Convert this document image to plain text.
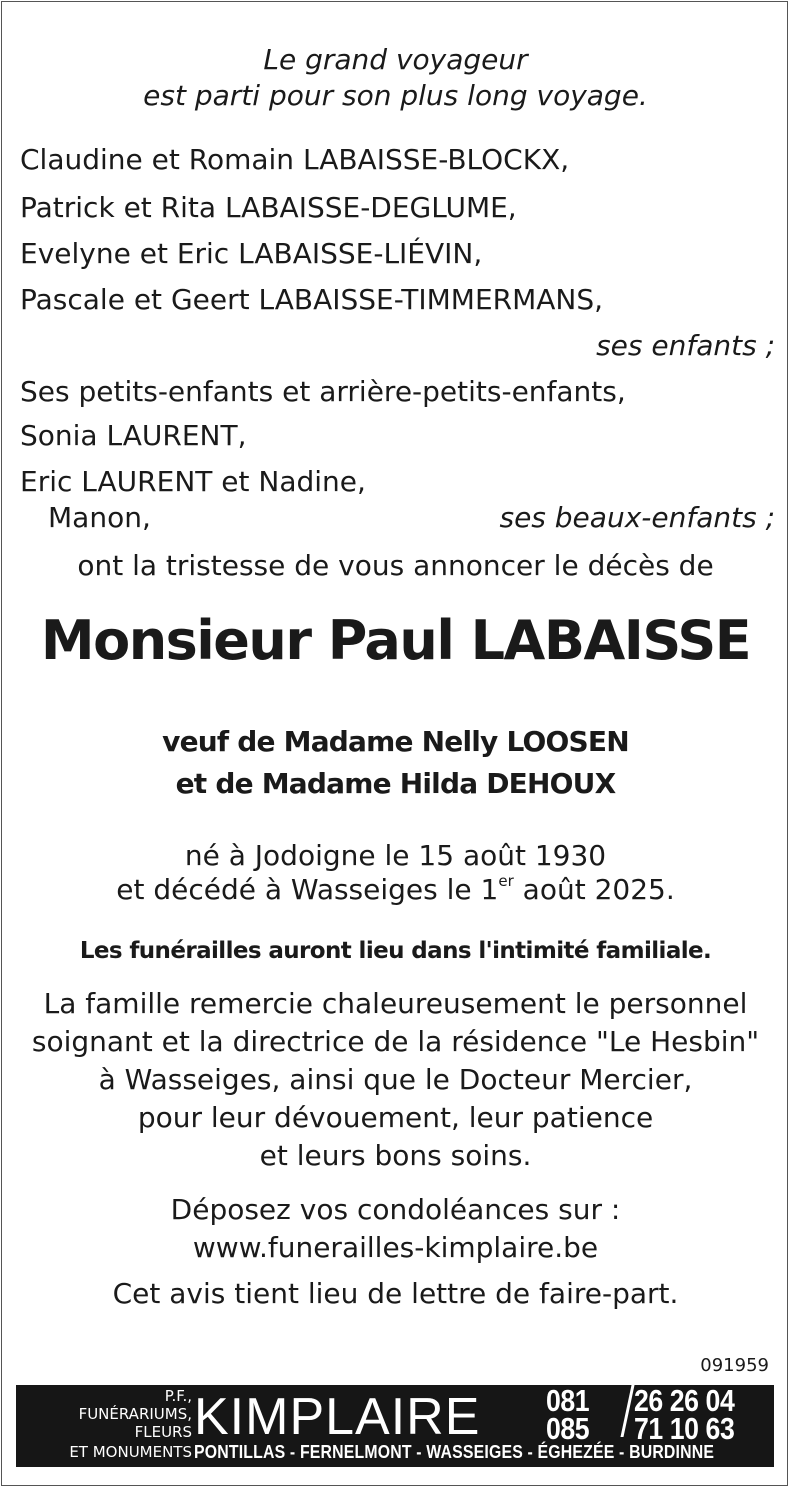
Le grand voyageur

est parti pour son plus long voyage.

Claudine et Romain LABAISSE-BLOCKX,

Patrick et Rita LABAISSE-DEGLUME,

Evelyne et Eric LABAISSE-LIÉVIN,

Pascale et Geert LABAISSE-TIMMERMANS,

ses enfants ;

Ses petits-enfants et arrière-petits-enfants,

Sonia LAURENT,

Eric LAURENT et Nadine,

Manon,	ses beaux-enfants ;

ont la tristesse de vous annoncer le décès de

Monsieur Paul LABAISSE

veuf de Madame Nelly LOOSEN

et de Madame Hilda DEHOUX

né à Jodoigne le 15 août 1930

et décédé à Wasseiges le 1er août 2025.

Les funérailles auront lieu dans l'intimité familiale.

La famille remercie chaleureusement le personnel

soignant et la directrice de la résidence "Le Hesbin"

à Wasseiges, ainsi que le Docteur Mercier,

pour leur dévouement, leur patience

et leurs bons soins.

Déposez vos condoléances sur :

www.funerailles-kimplaire.be

Cet avis tient lieu de lettre de faire-part.

091959

P.F.,
FUNÉRARIUMS,
FLEURS
ET MONUMENTS
KIMPLAIRE 081 26 26 04
085 71 10 63
PONTILLAS - FERNELMONT - WASSEIGES - ÉGHEZÉE - BURDINNE
